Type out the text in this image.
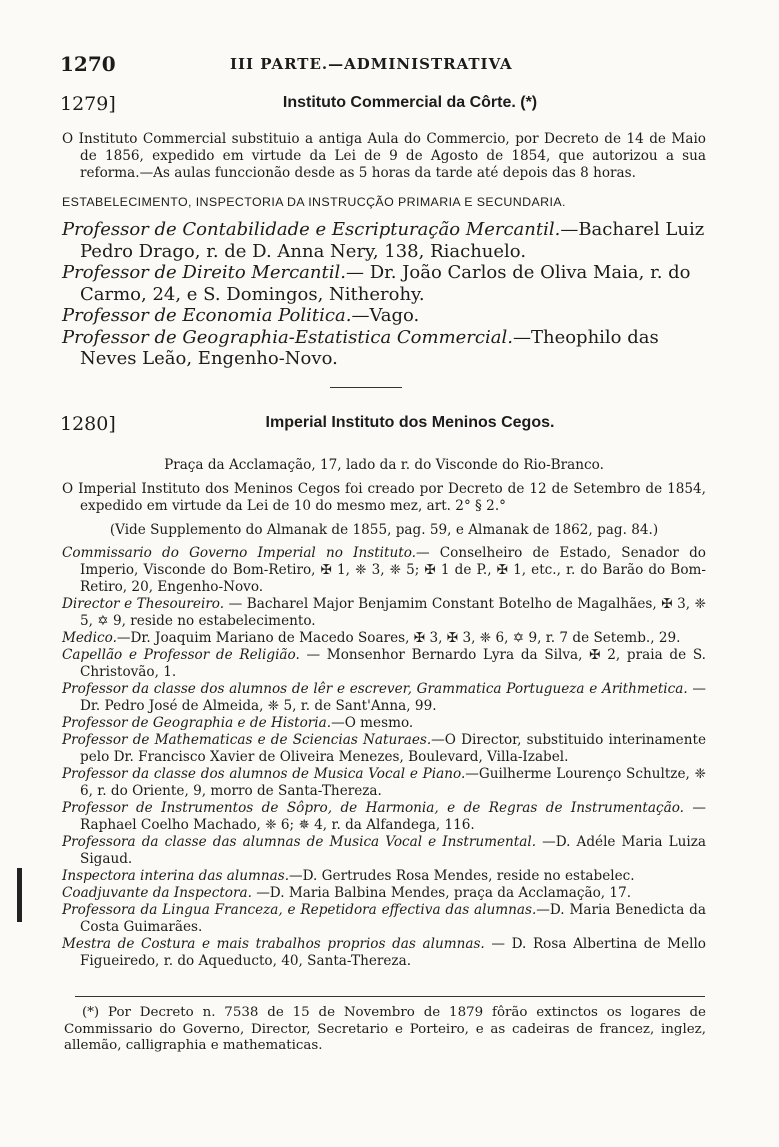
1270	III PARTE.—ADMINISTRATIVA
1279]	Instituto Commercial da Côrte. (*)

O Instituto Commercial substituio a antiga Aula do Commercio, por Decreto de 14 de Maio de 1856, expedido em virtude da Lei de 9 de Agosto de 1854, que autorizou a sua reforma.—As aulas funccionão desde as 5 horas da tarde até depois das 8 horas.

ESTABELECIMENTO, INSPECTORIA DA INSTRUCÇÃO PRIMARIA E SECUNDARIA.

Professor de Contabilidade e Escripturação Mercantil.—Bacharel Luiz Pedro Drago, r. de D. Anna Nery, 138, Riachuelo.

Professor de Direito Mercantil.— Dr. João Carlos de Oliva Maia, r. do Carmo, 24, e S. Domingos, Nitherohy.

Professor de Economia Politica.—Vago.

Professor de Geographia-Estatistica Commercial.—Theophilo das Neves Leão, Engenho-Novo.

1280]	Imperial Instituto dos Meninos Cegos.

Praça da Acclamação, 17, lado da r. do Visconde do Rio-Branco.

O Imperial Instituto dos Meninos Cegos foi creado por Decreto de 12 de Setembro de 1854, expedido em virtude da Lei de 10 do mesmo mez, art. 2° § 2.°

(Vide Supplemento do Almanak de 1855, pag. 59, e Almanak de 1862, pag. 84.)

Commissario do Governo Imperial no Instituto.— Conselheiro de Estado, Senador do Imperio, Visconde do Bom-Retiro, ✠ 1, ❈ 3, ❈ 5; ✠ 1 de P., ✠ 1, etc., r. do Barão do Bom-Retiro, 20, Engenho-Novo.

Director e Thesoureiro. — Bacharel Major Benjamim Constant Botelho de Magalhães, ✠ 3, ❈ 5, ✡ 9, reside no estabelecimento.

Medico.—Dr. Joaquim Mariano de Macedo Soares, ✠ 3, ✠ 3, ❈ 6, ✡ 9, r. 7 de Setemb., 29.

Capellão e Professor de Religião. — Monsenhor Bernardo Lyra da Silva, ✠ 2, praia de S. Christovão, 1.

Professor da classe dos alumnos de lêr e escrever, Grammatica Portugueza e Arithmetica. — Dr. Pedro José de Almeida, ❈ 5, r. de Sant'Anna, 99.

Professor de Geographia e de Historia.—O mesmo.

Professor de Mathematicas e de Sciencias Naturaes.—O Director, substituido interinamente pelo Dr. Francisco Xavier de Oliveira Menezes, Boulevard, Villa-Izabel.

Professor da classe dos alumnos de Musica Vocal e Piano.—Guilherme Lourenço Schultze, ❈ 6, r. do Oriente, 9, morro de Santa-Thereza.

Professor de Instrumentos de Sôpro, de Harmonia, e de Regras de Instrumentação. —Raphael Coelho Machado, ❈ 6; ✵ 4, r. da Alfandega, 116.

Professora da classe das alumnas de Musica Vocal e Instrumental. —D. Adéle Maria Luiza Sigaud.

Inspectora interina das alumnas.—D. Gertrudes Rosa Mendes, reside no estabelec.

Coadjuvante da Inspectora. —D. Maria Balbina Mendes, praça da Acclamação, 17.

Professora da Lingua Franceza, e Repetidora effectiva das alumnas.—D. Maria Benedicta da Costa Guimarães.

Mestra de Costura e mais trabalhos proprios das alumnas. — D. Rosa Albertina de Mello Figueiredo, r. do Aqueducto, 40, Santa-Thereza.

(*) Por Decreto n. 7538 de 15 de Novembro de 1879 fôrão extinctos os logares de Commissario do Governo, Director, Secretario e Porteiro, e as cadeiras de francez, inglez, allemão, calligraphia e mathematicas.
